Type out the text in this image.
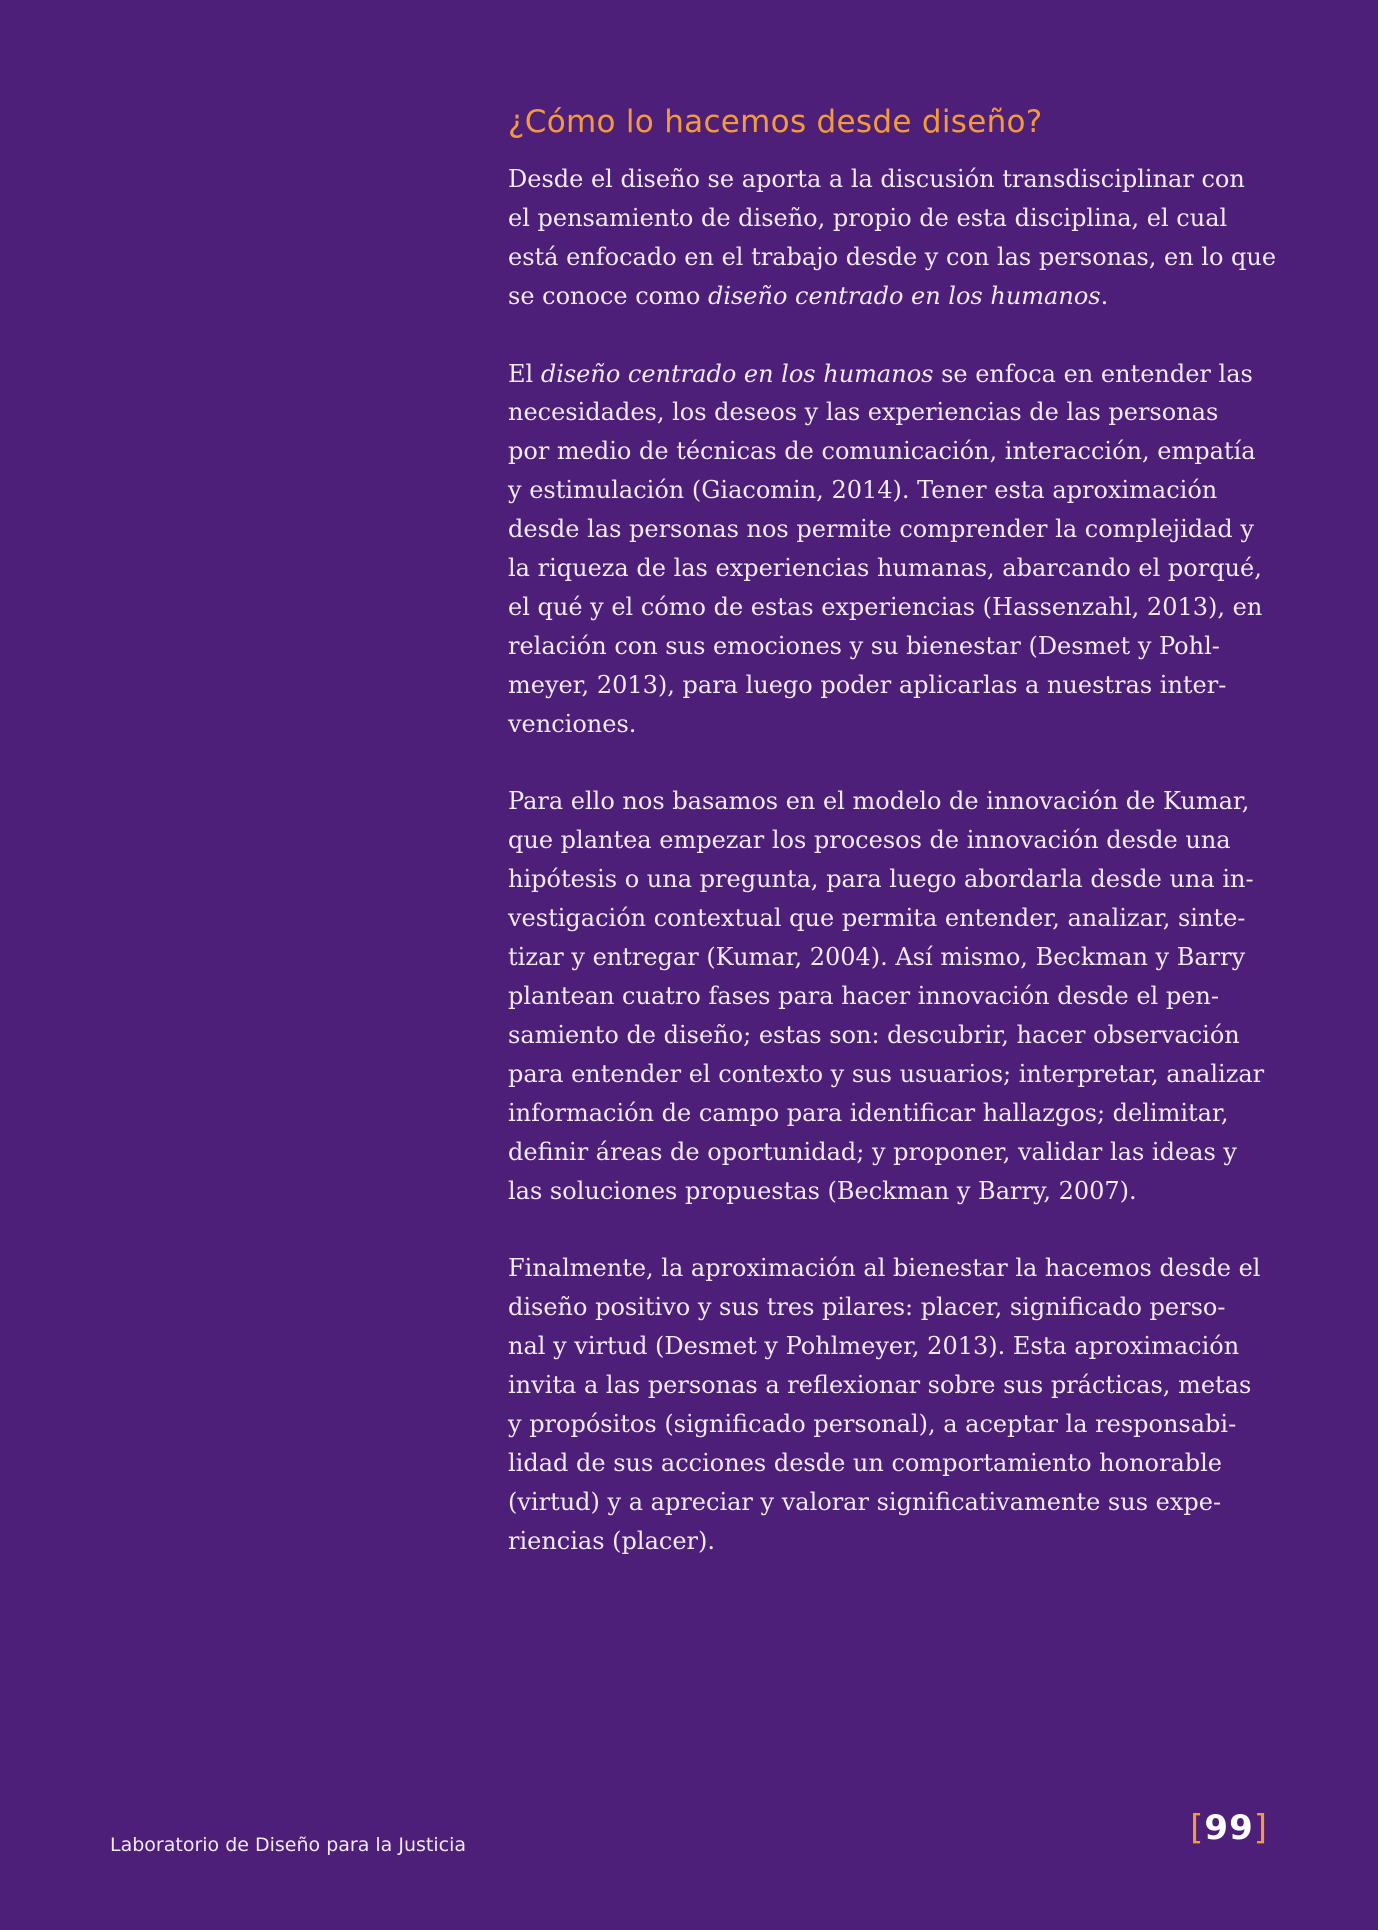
¿Cómo lo hacemos desde diseño?

Desde el diseño se aporta a la discusión transdisciplinar con
el pensamiento de diseño, propio de esta disciplina, el cual
está enfocado en el trabajo desde y con las personas, en lo que
se conoce como diseño centrado en los humanos.

El diseño centrado en los humanos se enfoca en entender las
necesidades, los deseos y las experiencias de las personas
por medio de técnicas de comunicación, interacción, empatía
y estimulación (Giacomin, 2014). Tener esta aproximación
desde las personas nos permite comprender la complejidad y
la riqueza de las experiencias humanas, abarcando el porqué,
el qué y el cómo de estas experiencias (Hassenzahl, 2013), en
relación con sus emociones y su bienestar (Desmet y Pohl-
meyer, 2013), para luego poder aplicarlas a nuestras inter-
venciones.

Para ello nos basamos en el modelo de innovación de Kumar,
que plantea empezar los procesos de innovación desde una
hipótesis o una pregunta, para luego abordarla desde una in-
vestigación contextual que permita entender, analizar, sinte-
tizar y entregar (Kumar, 2004). Así mismo, Beckman y Barry
plantean cuatro fases para hacer innovación desde el pen-
samiento de diseño; estas son: descubrir, hacer observación
para entender el contexto y sus usuarios; interpretar, analizar
información de campo para identificar hallazgos; delimitar,
definir áreas de oportunidad; y proponer, validar las ideas y
las soluciones propuestas (Beckman y Barry, 2007).

Finalmente, la aproximación al bienestar la hacemos desde el
diseño positivo y sus tres pilares: placer, significado perso-
nal y virtud (Desmet y Pohlmeyer, 2013). Esta aproximación
invita a las personas a reflexionar sobre sus prácticas, metas
y propósitos (significado personal), a aceptar la responsabi-
lidad de sus acciones desde un comportamiento honorable
(virtud) y a apreciar y valorar significativamente sus expe-
riencias (placer).

Laboratorio de Diseño para la Justicia	[99]
